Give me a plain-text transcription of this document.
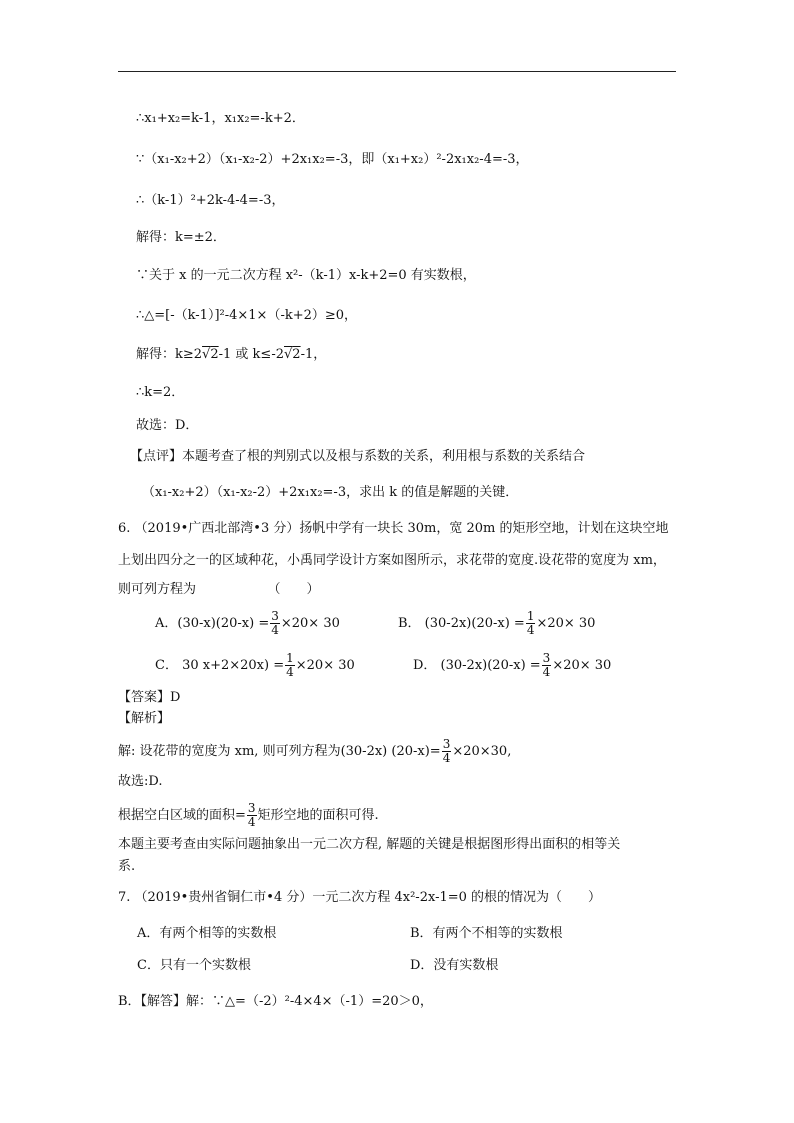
∴x₁+x₂=k-1，x₁x₂=-k+2．
∵（x₁-x₂+2）（x₁-x₂-2）+2x₁x₂=-3，即（x₁+x₂）²-2x₁x₂-4=-3，
∴（k-1）²+2k-4-4=-3，
解得：k=±2．
∵关于 x 的一元二次方程 x²-（k-1）x-k+2=0 有实数根，
∴△=[-（k-1）]²-4×1×（-k+2）≥0，
解得：k≥2√2-1 或 k≤-2√2-1，
∴k=2．
故选：D．
【点评】本题考查了根的判别式以及根与系数的关系，利用根与系数的关系结合
（x₁-x₂+2）（x₁-x₂-2）+2x₁x₂=-3，求出 k 的值是解题的关键．
6. （2019•广西北部湾•3 分）扬帆中学有一块长 30m，宽 20m 的矩形空地，计划在这块空地
上划出四分之一的区域种花，小禹同学设计方案如图所示，求花带的宽度.设花带的宽度为 xm，
则可列方程为　　　　　　（　　）
A．$(30-x)(20-x) = \frac{3}{4} \times 20\times 30$	B． $(30-2x)(20-x) = \frac{1}{4} \times 20\times 30$
C． 30 $x+2\times 20x) = \frac{1}{4} \times 20\times 30$	D． $(30-2x)(20-x) = \frac{3}{4} \times 20\times 30$
【答案】D
【解析】
解: 设花带的宽度为 xm, 则可列方程为(30-2x) $(20-x)= \frac{3}{4} \times 20\times 30$,
故选:D.
根据空白区域的面积= $\frac{3}{4}$ 矩形空地的面积可得.
本题主要考查由实际问题抽象出一元二次方程, 解题的关键是根据图形得出面积的相等关
系.
7. （2019•贵州省铜仁市•4 分）一元二次方程 4x²-2x-1=0 的根的情况为（　　）
A．有两个相等的实数根	B．有两个不相等的实数根
C．只有一个实数根	D．没有实数根
B．【解答】解：∵△=（-2）²-4×4×（-1）=20＞0，
